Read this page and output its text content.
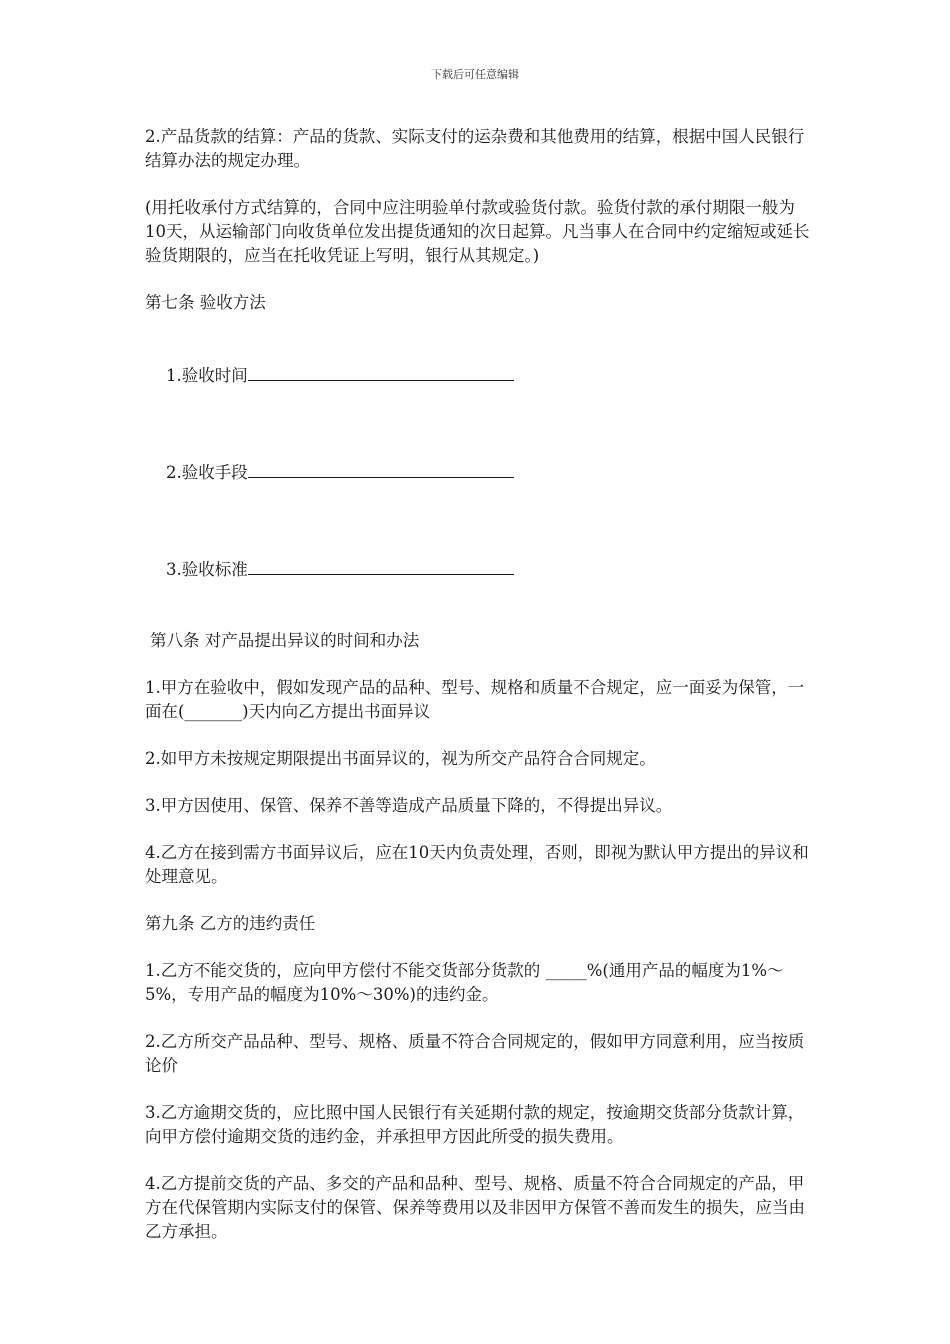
下载后可任意编辑
2.产品货款的结算：产品的货款、实际支付的运杂费和其他费用的结算，根据中国人民银行结算办法的规定办理。
(用托收承付方式结算的，合同中应注明验单付款或验货付款。验货付款的承付期限一般为10天，从运输部门向收货单位发出提货通知的次日起算。凡当事人在合同中约定缩短或延长验货期限的，应当在托收凭证上写明，银行从其规定。)
第七条 验收方法

1.验收时间

2.验收手段

3.验收标准

第八条 对产品提出异议的时间和办法
1.甲方在验收中，假如发现产品的品种、型号、规格和质量不合规定，应一面妥为保管，一面在(_______)天内向乙方提出书面异议
2.如甲方未按规定期限提出书面异议的，视为所交产品符合合同规定。
3.甲方因使用、保管、保养不善等造成产品质量下降的，不得提出异议。
4.乙方在接到需方书面异议后，应在10天内负责处理，否则，即视为默认甲方提出的异议和处理意见。
第九条 乙方的违约责任
1.乙方不能交货的，应向甲方偿付不能交货部分货款的 _____%(通用产品的幅度为1%～5%，专用产品的幅度为10%～30%)的违约金。
2.乙方所交产品品种、型号、规格、质量不符合合同规定的，假如甲方同意利用，应当按质论价
3.乙方逾期交货的，应比照中国人民银行有关延期付款的规定，按逾期交货部分货款计算，向甲方偿付逾期交货的违约金，并承担甲方因此所受的损失费用。
4.乙方提前交货的产品、多交的产品和品种、型号、规格、质量不符合合同规定的产品，甲方在代保管期内实际支付的保管、保养等费用以及非因甲方保管不善而发生的损失，应当由乙方承担。
